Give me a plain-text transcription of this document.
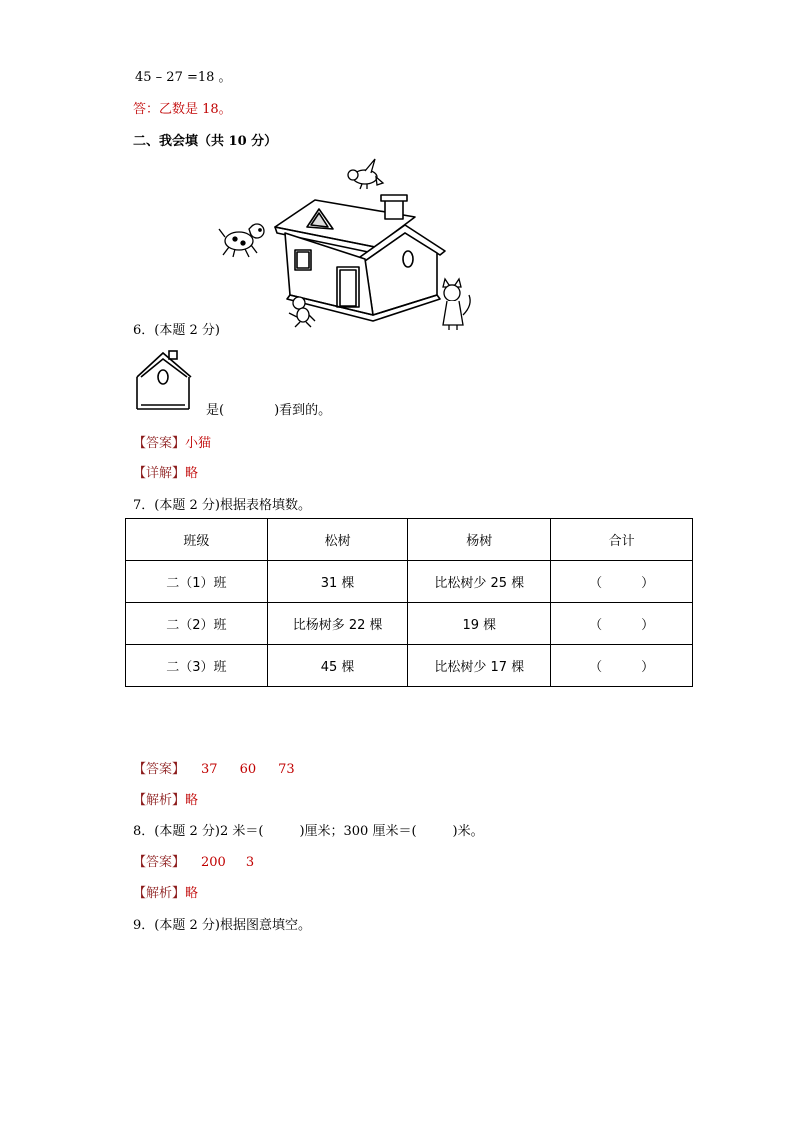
45 – 27 =18 。
答：乙数是 18。
二、我会填（共 10 分）
6．(本题 2 分)
是(	)看到的。
【答案】小猫
【详解】略
7．(本题 2 分)根据表格填数。
班级	松树	杨树	合计
二（1）班	31 棵	比松树少 25 棵	（　　　）
二（2）班	比杨树多 22 棵	19 棵	（　　　）
二（3）班	45 棵	比松树少 17 棵	（　　　）
【答案】 37 60 73
【解析】略
8．(本题 2 分)2 米＝(	)厘米；300 厘米＝(	)米。
【答案】 200 3
【解析】略
9．(本题 2 分)根据图意填空。
